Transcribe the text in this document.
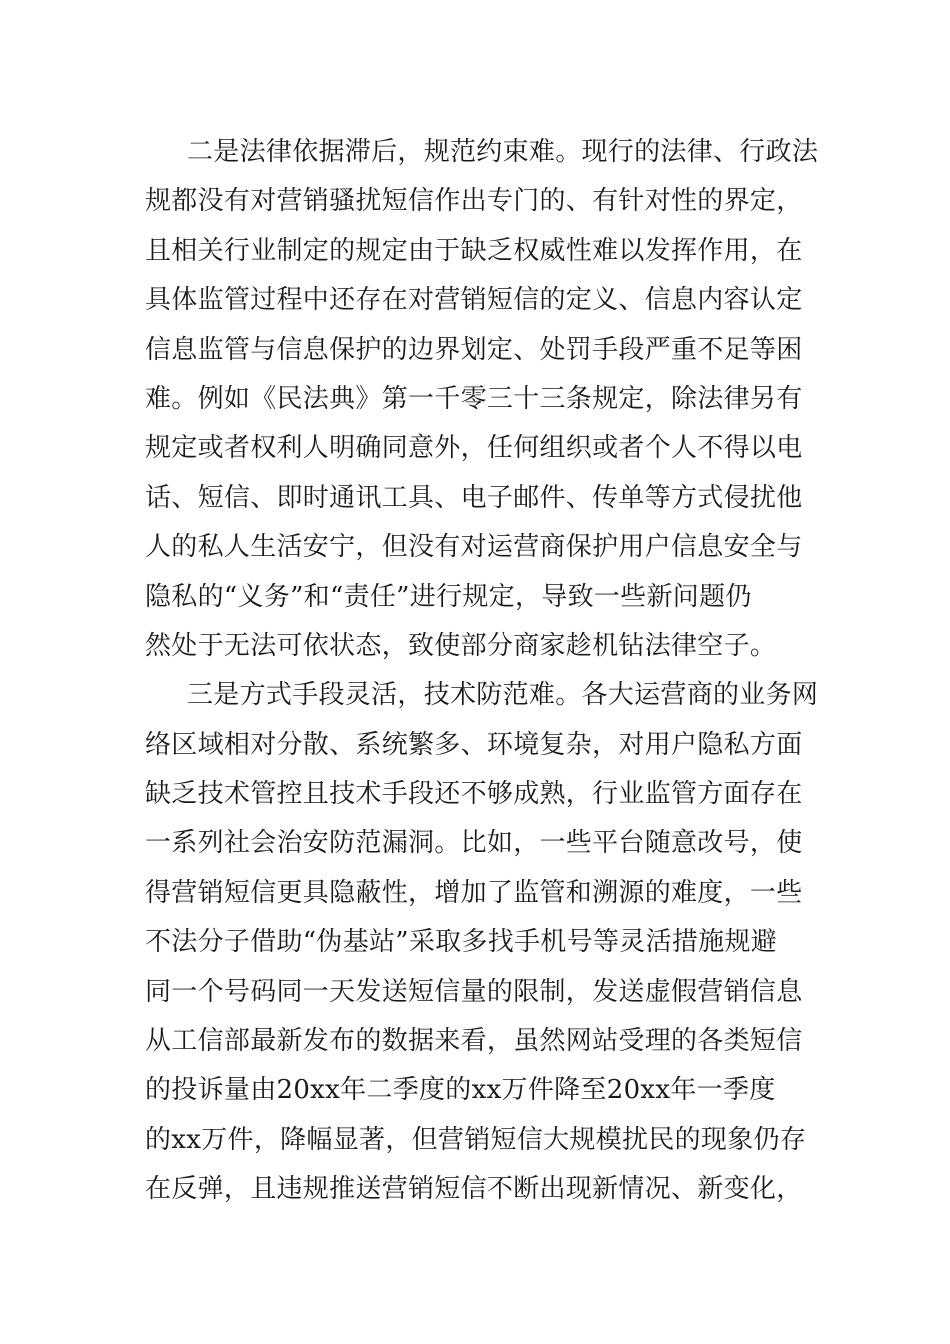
二是法律依据滞后，规范约束难。现行的法律、行政法
规都没有对营销骚扰短信作出专门的、有针对性的界定，
且相关行业制定的规定由于缺乏权威性难以发挥作用，在
具体监管过程中还存在对营销短信的定义、信息内容认定
信息监管与信息保护的边界划定、处罚手段严重不足等困
难。例如《民法典》第一千零三十三条规定，除法律另有
规定或者权利人明确同意外，任何组织或者个人不得以电
话、短信、即时通讯工具、电子邮件、传单等方式侵扰他
人的私人生活安宁，但没有对运营商保护用户信息安全与
隐私的“义务”和“责任”进行规定，导致一些新问题仍
然处于无法可依状态，致使部分商家趁机钻法律空子。
三是方式手段灵活，技术防范难。各大运营商的业务网
络区域相对分散、系统繁多、环境复杂，对用户隐私方面
缺乏技术管控且技术手段还不够成熟，行业监管方面存在
一系列社会治安防范漏洞。比如，一些平台随意改号，使
得营销短信更具隐蔽性，增加了监管和溯源的难度，一些
不法分子借助“伪基站”采取多找手机号等灵活措施规避
同一个号码同一天发送短信量的限制，发送虚假营销信息
从工信部最新发布的数据来看，虽然网站受理的各类短信
的投诉量由20xx年二季度的xx万件降至20xx年一季度
的xx万件，降幅显著，但营销短信大规模扰民的现象仍存
在反弹，且违规推送营销短信不断出现新情况、新变化，
